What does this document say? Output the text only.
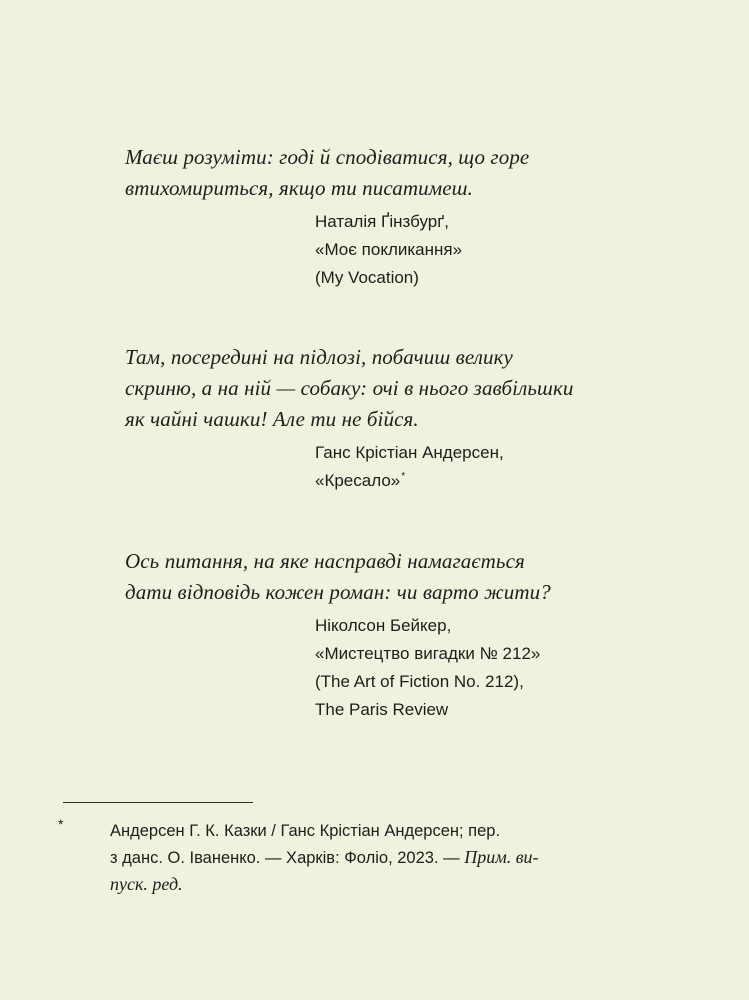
Маєш розуміти: годі й сподіватися, що горе
втихомириться, якщо ти писатимеш.
Наталія Ґінзбурґ,
«Моє покликання»
(My Vocation)
Там, посередині на підлозі, побачиш велику
скриню, а на ній — собаку: очі в нього завбільшки
як чайні чашки! Але ти не бійся.
Ганс Крістіан Андерсен,
«Кресало»*
Ось питання, на яке насправді намагається
дати відповідь кожен роман: чи варто жити?
Ніколсон Бейкер,
«Мистецтво вигадки № 212»
(The Art of Fiction No. 212),
The Paris Review
*	Андерсен Г. К. Казки / Ганс Крістіан Андерсен; пер.
з данс. О. Іваненко. — Харків: Фоліо, 2023. — Прим. ви-
пуск. ред.
